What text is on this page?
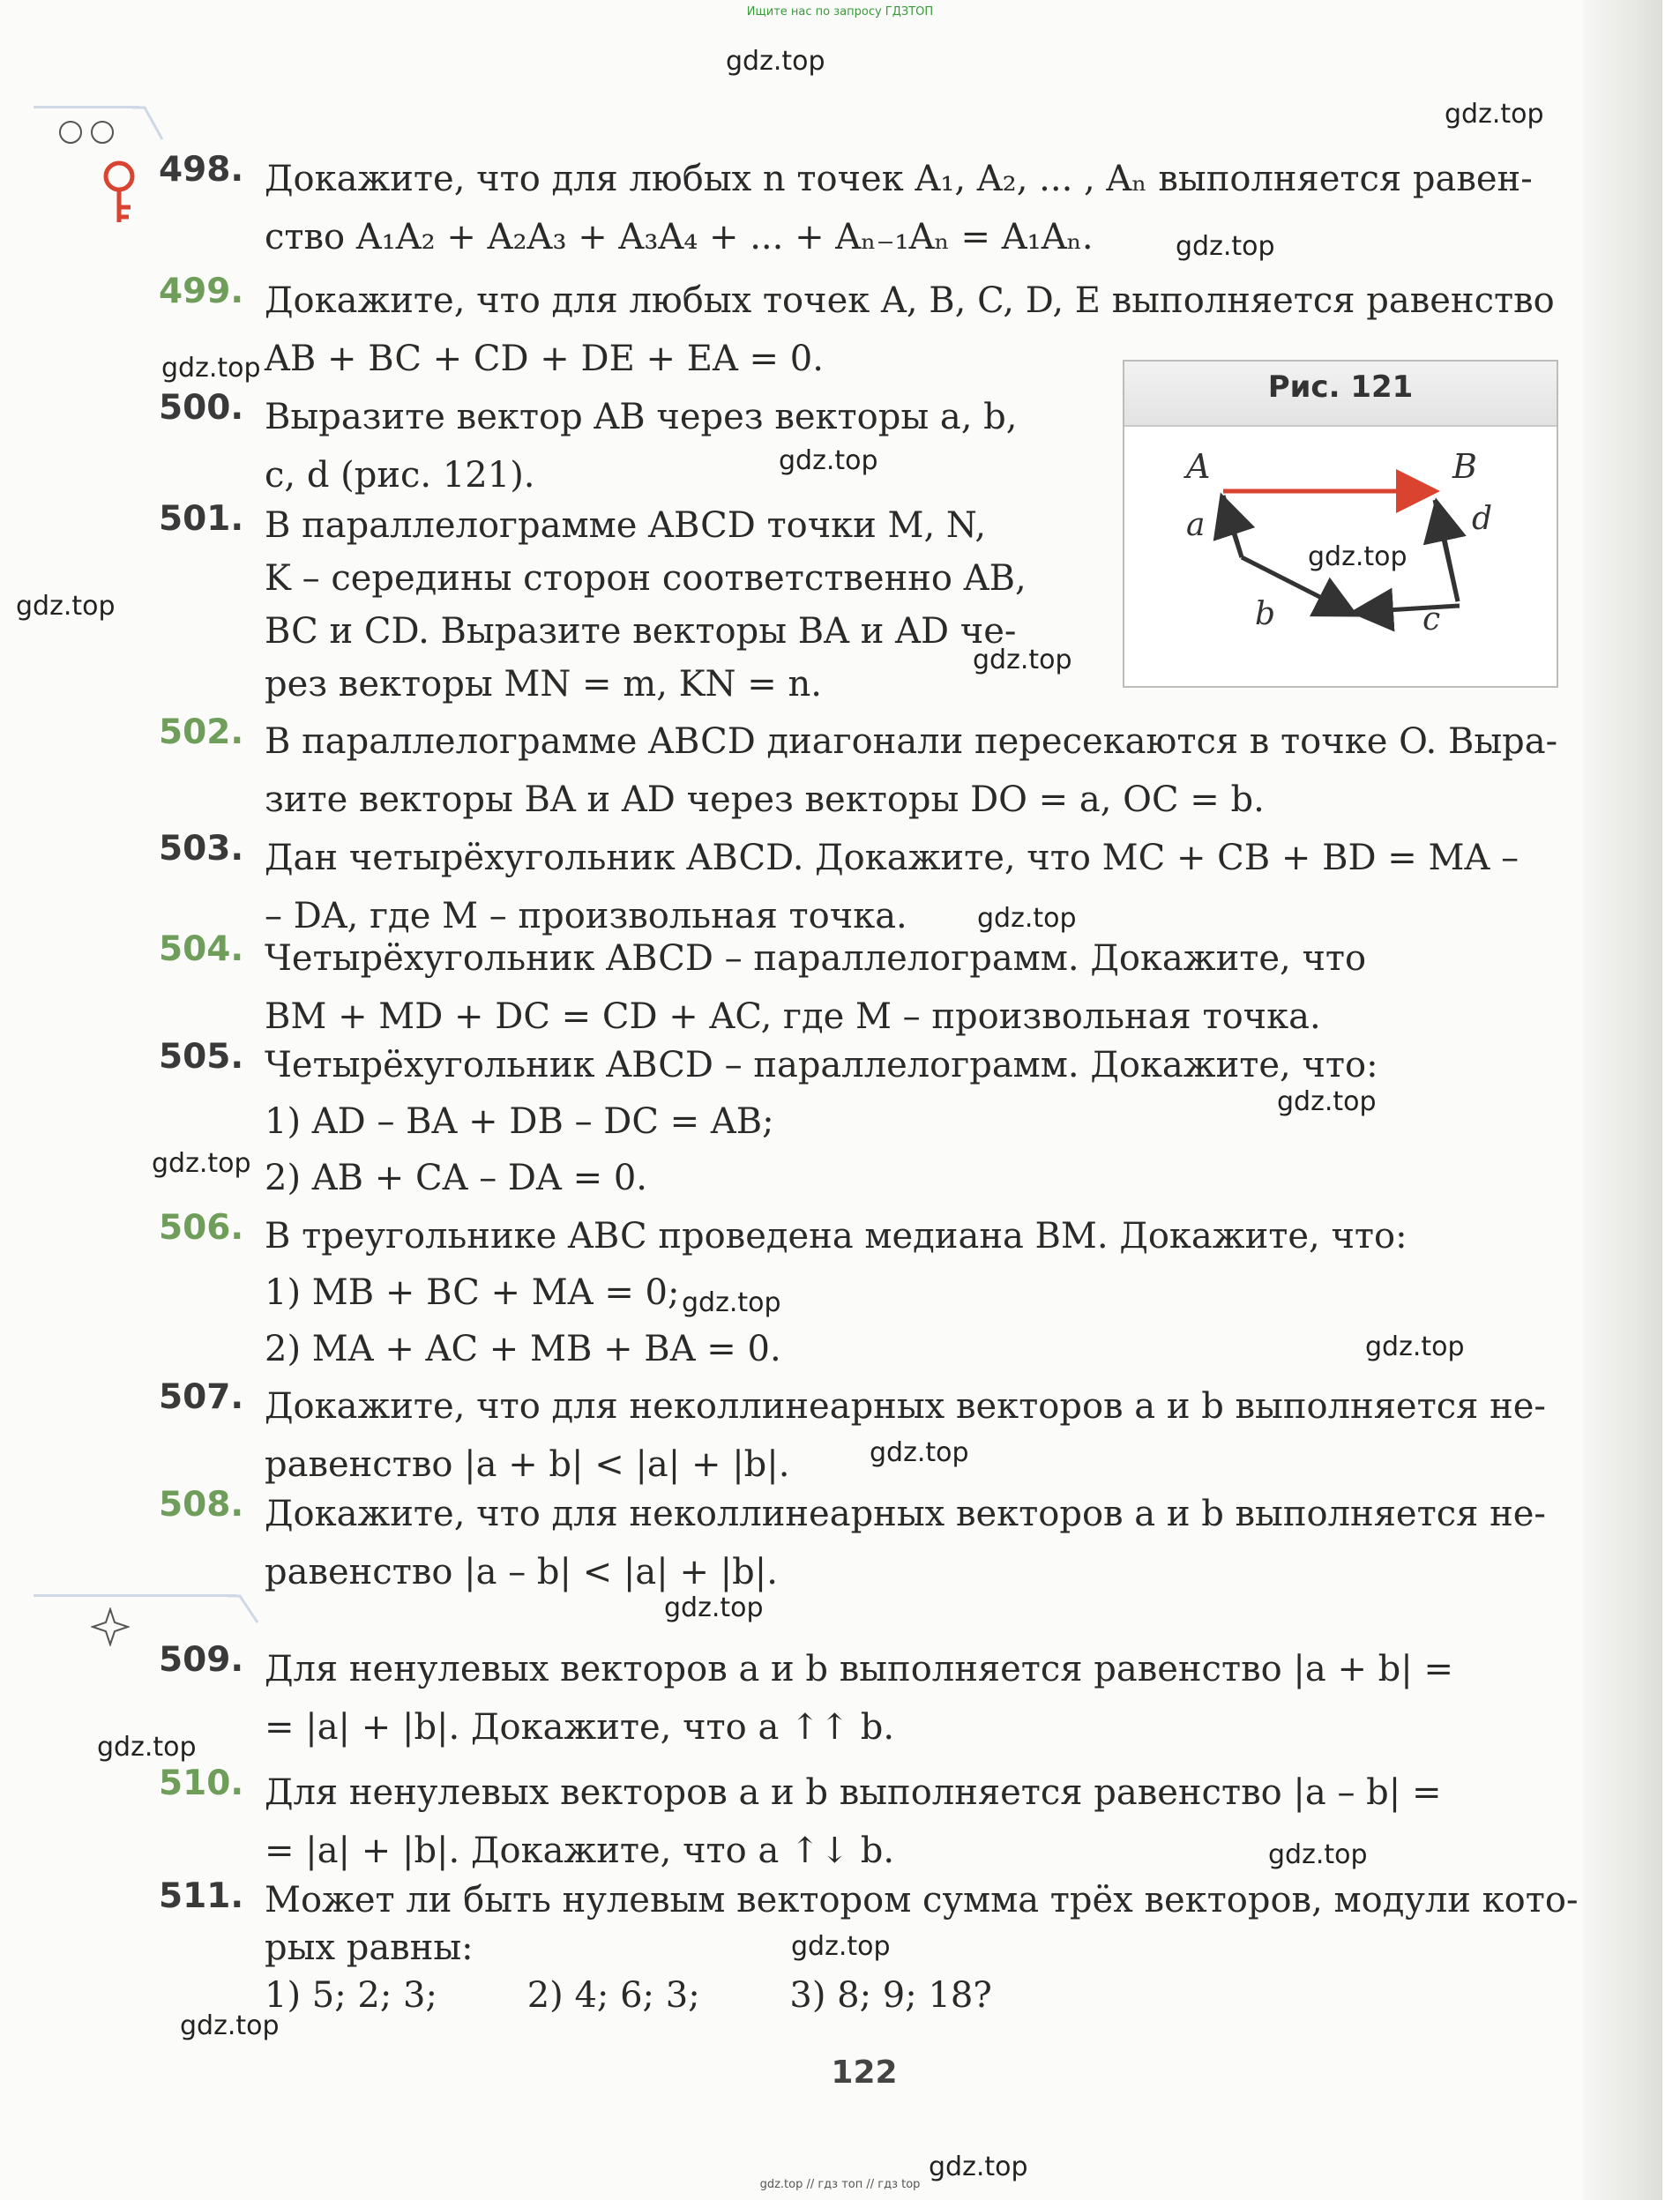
Ищите нас по запросу ГДЗТОП
498. Докажите, что для любых n точек A₁, A₂, ... , Aₙ выполняется равен-
ство A₁A₂ + A₂A₃ + A₃A₄ + ... + Aₙ₋₁Aₙ = A₁Aₙ.
499. Докажите, что для любых точек A, B, C, D, E выполняется равенство
AB + BC + CD + DE + EA = 0.
500. Выразите вектор AB через векторы a, b,
c, d (рис. 121).
501. В параллелограмме ABCD точки M, N,
K – середины сторон соответственно AB,
BC и CD. Выразите векторы BA и AD че-
рез векторы MN = m, KN = n.
502. В параллелограмме ABCD диагонали пересекаются в точке O. Выра-
зите векторы BA и AD через векторы DO = a, OC = b.
503. Дан четырёхугольник ABCD. Докажите, что MC + CB + BD = MA –
– DA, где M – произвольная точка.
504. Четырёхугольник ABCD – параллелограмм. Докажите, что
BM + MD + DC = CD + AC, где M – произвольная точка.
505. Четырёхугольник ABCD – параллелограмм. Докажите, что:
1) AD – BA + DB – DC = AB;
2) AB + CA – DA = 0.
506. В треугольнике ABC проведена медиана BM. Докажите, что:
1) MB + BC + MA = 0;
2) MA + AC + MB + BA = 0.
507. Докажите, что для неколлинеарных векторов a и b выполняется не-
равенство |a + b| < |a| + |b|.
508. Докажите, что для неколлинеарных векторов a и b выполняется не-
равенство |a – b| < |a| + |b|.
509. Для ненулевых векторов a и b выполняется равенство |a + b| =
= |a| + |b|. Докажите, что a ↑↑ b.
510. Для ненулевых векторов a и b выполняется равенство |a – b| =
= |a| + |b|. Докажите, что a ↑↓ b.
511. Может ли быть нулевым вектором сумма трёх векторов, модули кото-
рых равны:
1) 5; 2; 3;        2) 4; 6; 3;        3) 8; 9; 18?
Рис. 121
A	B
a
b	c
d
122
gdz.top
gdz.top
gdz.top
gdz.top
gdz.top
gdz.top
gdz.top
gdz.top
gdz.top
gdz.top
gdz.top
gdz.top
gdz.top
gdz.top
gdz.top
gdz.top
gdz.top
gdz.top
gdz.top
gdz.top
gdz.top // гдз топ // гдз top
